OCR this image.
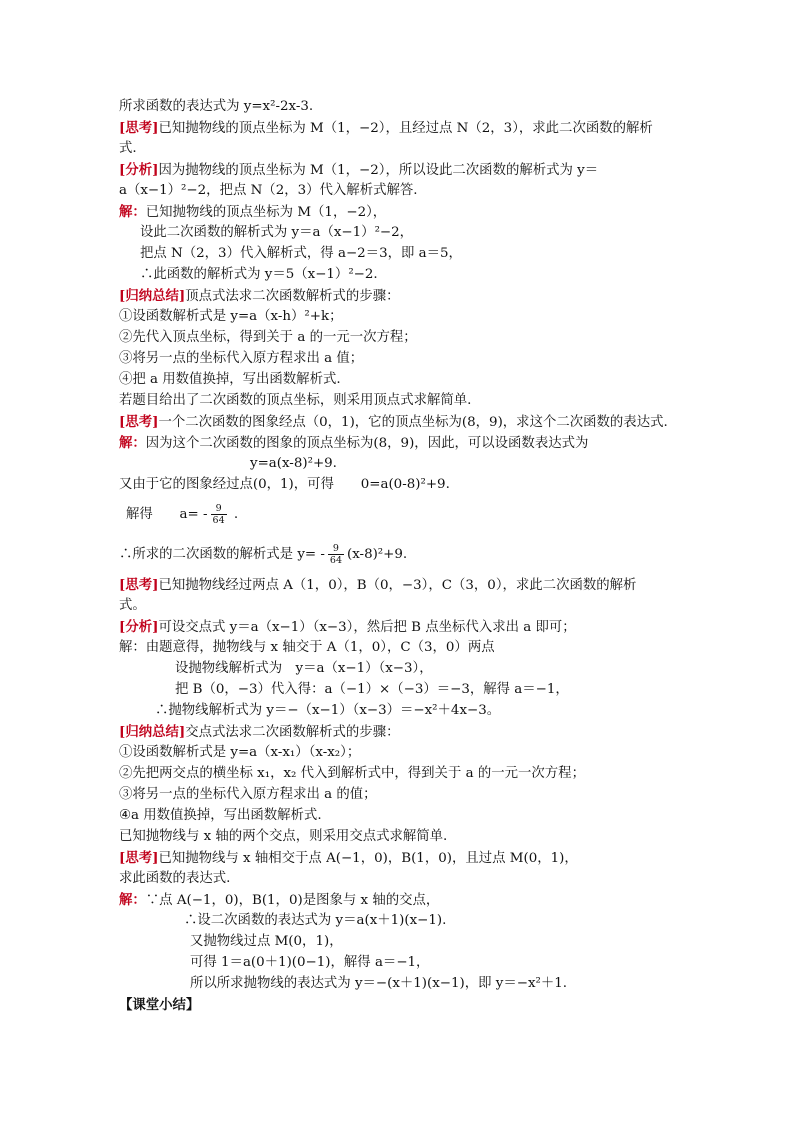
所求函数的表达式为 y=x²-2x-3.
[思考]已知抛物线的顶点坐标为 M（1，−2），且经过点 N（2，3），求此二次函数的解析
式.
[分析]因为抛物线的顶点坐标为 M（1，−2），所以设此二次函数的解析式为 y＝
a（x−1）²−2，把点 N（2，3）代入解析式解答.
解：已知抛物线的顶点坐标为 M（1，−2），
设此二次函数的解析式为 y＝a（x−1）²−2，
把点 N（2，3）代入解析式，得 a−2＝3，即 a＝5，
∴此函数的解析式为 y＝5（x−1）²−2.
[归纳总结]顶点式法求二次函数解析式的步骤：
①设函数解析式是 y=a（x-h）²+k；
②先代入顶点坐标，得到关于 a 的一元一次方程；
③将另一点的坐标代入原方程求出 a 值；
④把 a 用数值换掉，写出函数解析式.
若题目给出了二次函数的顶点坐标，则采用顶点式求解简单.
[思考]一个二次函数的图象经点（0，1)，它的顶点坐标为(8，9)，求这个二次函数的表达式.
解：因为这个二次函数的图象的顶点坐标为(8，9)，因此，可以设函数表达式为
y=a(x-8)²+9.
又由于它的图象经过点(0，1)，可得　　0=a(0-8)²+9.
解得　　$a= - \frac{9}{64}$ .
∴所求的二次函数的解析式是 $y= - \frac{9}{64} (x-8)^2+9$.
[思考]已知抛物线经过两点 A（1，0），B（0，−3），C（3，0），求此二次函数的解析
式。
[分析]可设交点式 y＝a（x−1）（x−3），然后把 B 点坐标代入求出 a 即可；
解：由题意得，抛物线与 x 轴交于 A（1，0），C（3，0）两点
设抛物线解析式为　y＝a（x−1）（x−3），
把 B（0，−3）代入得：a（−1）×（−3）＝−3，解得 a＝−1，
∴抛物线解析式为 y＝−（x−1）（x−3）＝−x²＋4x−3。
[归纳总结]交点式法求二次函数解析式的步骤：
①设函数解析式是 y=a（x-x₁）（x-x₂）；
②先把两交点的横坐标 x₁，x₂ 代入到解析式中，得到关于 a 的一元一次方程；
③将另一点的坐标代入原方程求出 a 的值；
④a 用数值换掉，写出函数解析式.
已知抛物线与 x 轴的两个交点，则采用交点式求解简单.
[思考]已知抛物线与 x 轴相交于点 A(−1，0)，B(1，0)，且过点 M(0，1)，
求此函数的表达式.
解：∵点 A(−1，0)，B(1，0)是图象与 x 轴的交点，
∴设二次函数的表达式为 y＝a(x＋1)(x−1).
又抛物线过点 M(0，1)，
可得 1＝a(0＋1)(0−1)，解得 a＝−1，
所以所求抛物线的表达式为 y＝−(x＋1)(x−1)，即 y＝−x²＋1.
【课堂小结】
